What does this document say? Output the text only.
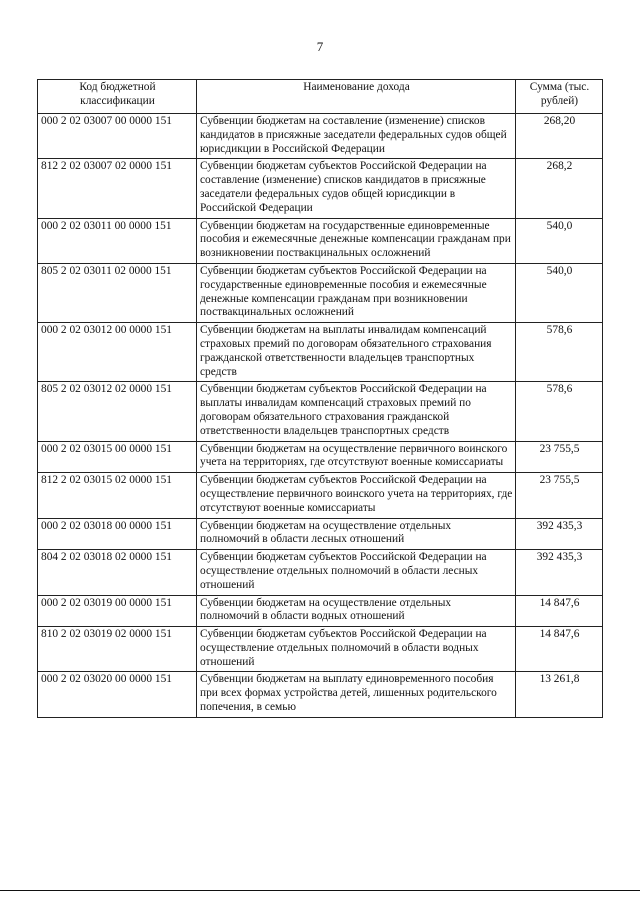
7
Код бюджетной классификации	Наименование дохода	Сумма (тыс. рублей)
000 2 02 03007 00 0000 151	Субвенции бюджетам на составление (изменение) списков кандидатов в присяжные заседатели федеральных судов общей юрисдикции в Российской Федерации	268,20
812 2 02 03007 02 0000 151	Субвенции бюджетам субъектов Российской Федерации на составление (изменение) списков кандидатов в присяжные заседатели федеральных судов общей юрисдикции в Российской Федерации	268,2
000 2 02 03011 00 0000 151	Субвенции бюджетам на государственные единовременные пособия и ежемесячные денежные компенсации гражданам при возникновении поствакцинальных осложнений	540,0
805 2 02 03011 02 0000 151	Субвенции бюджетам субъектов Российской Федерации на государственные единовременные пособия и ежемесячные денежные компенсации гражданам при возникновении поствакцинальных осложнений	540,0
000 2 02 03012 00 0000 151	Субвенции бюджетам на выплаты инвалидам компенсаций страховых премий по договорам обязательного страхования гражданской ответственности владельцев транспортных средств	578,6
805 2 02 03012 02 0000 151	Субвенции бюджетам субъектов Российской Федерации на выплаты инвалидам компенсаций страховых премий по договорам обязательного страхования гражданской ответственности владельцев транспортных средств	578,6
000 2 02 03015 00 0000 151	Субвенции бюджетам на осуществление первичного воинского учета на территориях, где отсутствуют военные комиссариаты	23 755,5
812 2 02 03015 02 0000 151	Субвенции бюджетам субъектов Российской Федерации на осуществление первичного воинского учета на территориях, где отсутствуют военные комиссариаты	23 755,5
000 2 02 03018 00 0000 151	Субвенции бюджетам на осуществление отдельных полномочий в области лесных отношений	392 435,3
804 2 02 03018 02 0000 151	Субвенции бюджетам субъектов Российской Федерации на осуществление отдельных полномочий в области лесных отношений	392 435,3
000 2 02 03019 00 0000 151	Субвенции бюджетам на осуществление отдельных полномочий в области водных отношений	14 847,6
810 2 02 03019 02 0000 151	Субвенции бюджетам субъектов Российской Федерации на осуществление отдельных полномочий в области водных отношений	14 847,6
000 2 02 03020 00 0000 151	Субвенции бюджетам на выплату единовременного пособия при всех формах устройства детей, лишенных родительского попечения, в семью	13 261,8
